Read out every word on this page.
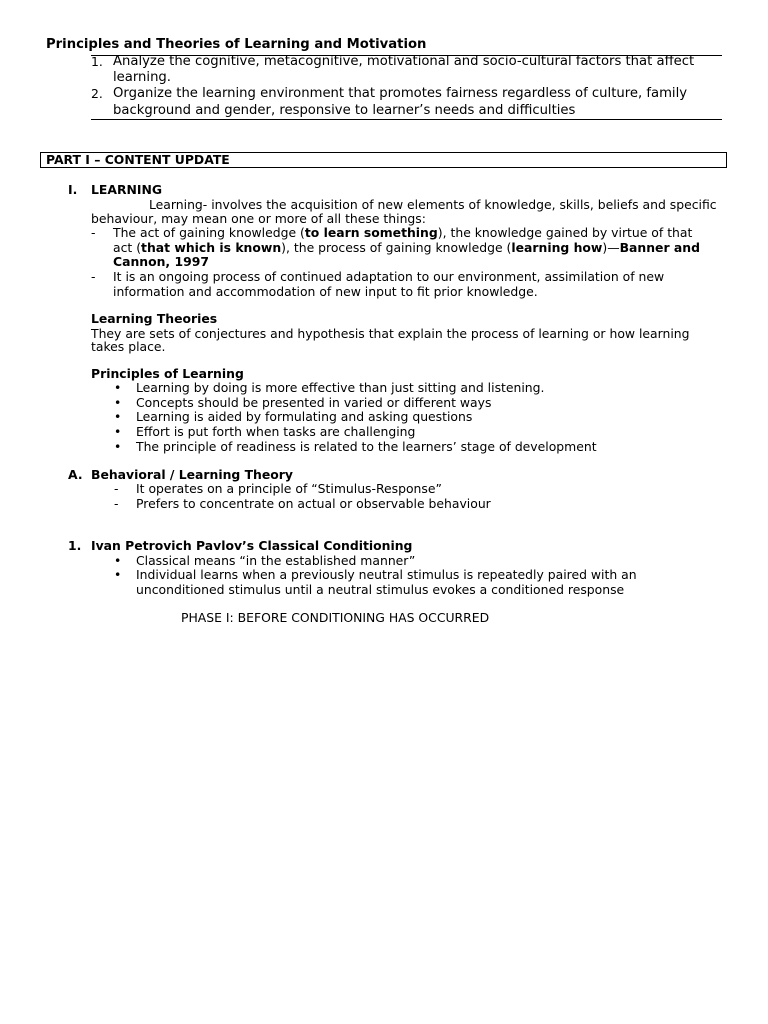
Principles and Theories of Learning and Motivation
1. Analyze the cognitive, metacognitive, motivational and socio-cultural factors that affect
learning.
2. Organize the learning environment that promotes fairness regardless of culture, family
background and gender, responsive to learner’s needs and difficulties
PART I – CONTENT UPDATE
I. LEARNING
Learning- involves the acquisition of new elements of knowledge, skills, beliefs and specific
behaviour, may mean one or more of all these things:
- The act of gaining knowledge (to learn something), the knowledge gained by virtue of that
act (that which is known), the process of gaining knowledge (learning how)—Banner and
Cannon, 1997
- It is an ongoing process of continued adaptation to our environment, assimilation of new
information and accommodation of new input to fit prior knowledge.
Learning Theories
They are sets of conjectures and hypothesis that explain the process of learning or how learning
takes place.
Principles of Learning
• Learning by doing is more effective than just sitting and listening.
• Concepts should be presented in varied or different ways
• Learning is aided by formulating and asking questions
• Effort is put forth when tasks are challenging
• The principle of readiness is related to the learners’ stage of development
A. Behavioral / Learning Theory
- It operates on a principle of “Stimulus-Response”
- Prefers to concentrate on actual or observable behaviour
1. Ivan Petrovich Pavlov’s Classical Conditioning
• Classical means “in the established manner”
• Individual learns when a previously neutral stimulus is repeatedly paired with an
unconditioned stimulus until a neutral stimulus evokes a conditioned response
PHASE I: BEFORE CONDITIONING HAS OCCURRED
